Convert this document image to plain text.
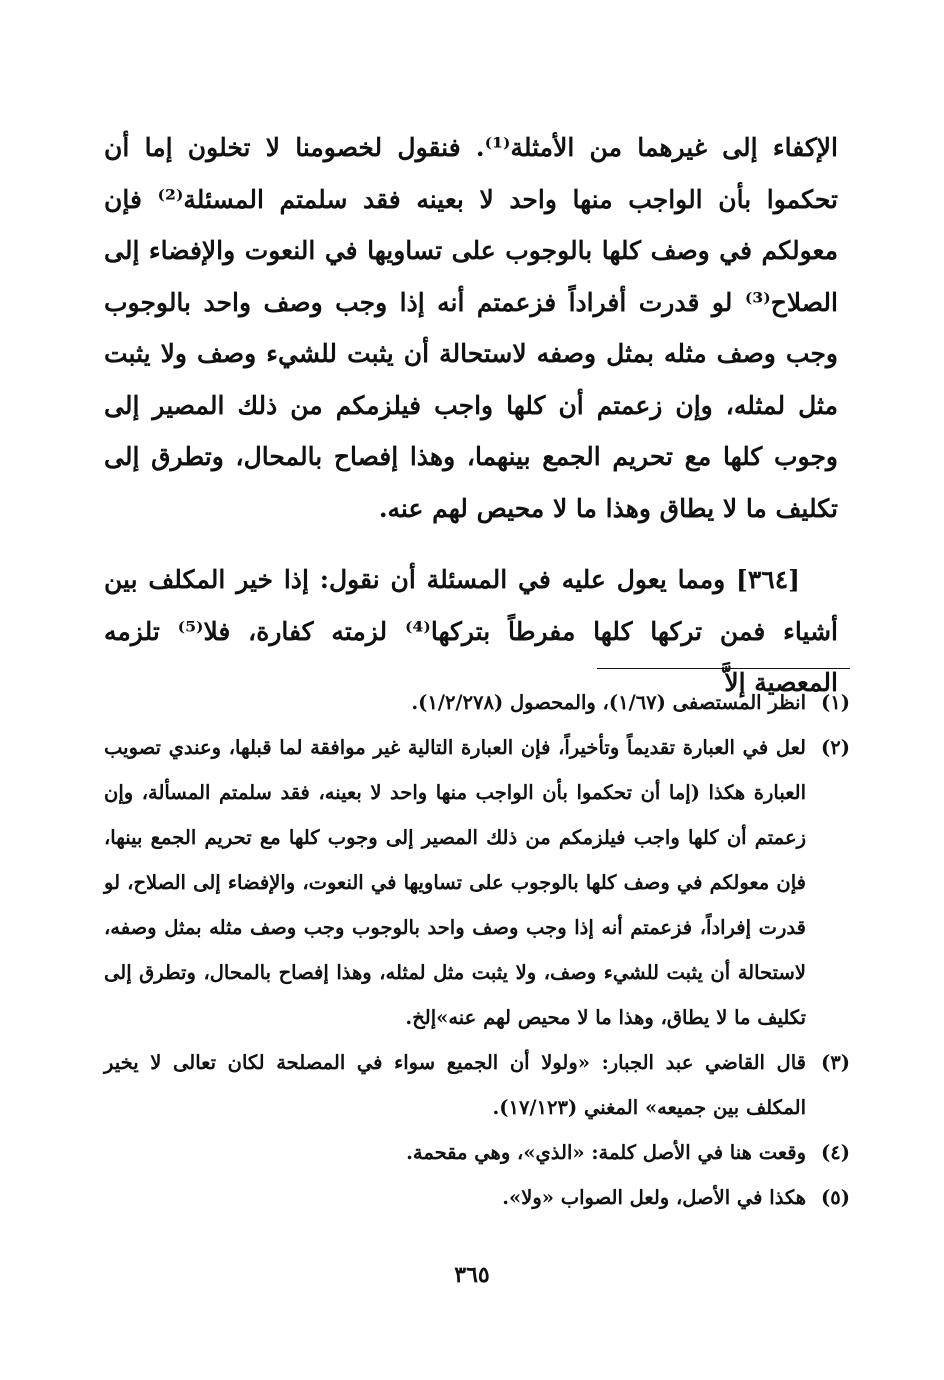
الإكفاء إلى غيرهما من الأمثلة⁽¹⁾. فنقول لخصومنا لا تخلون إما أن تحكموا بأن الواجب منها واحد لا بعينه فقد سلمتم المسئلة⁽²⁾ فإن معولكم في وصف كلها بالوجوب على تساويها في النعوت والإفضاء إلى الصلاح⁽³⁾ لو قدرت أفراداً فزعمتم أنه إذا وجب وصف واحد بالوجوب وجب وصف مثله بمثل وصفه لاستحالة أن يثبت للشيء وصف ولا يثبت مثل لمثله، وإن زعمتم أن كلها واجب فيلزمكم من ذلك المصير إلى وجوب كلها مع تحريم الجمع بينهما، وهذا إفصاح بالمحال، وتطرق إلى تكليف ما لا يطاق وهذا ما لا محيص لهم عنه.

[٣٦٤] ومما يعول عليه في المسئلة أن نقول: إذا خير المكلف بين أشياء فمن تركها كلها مفرطاً بتركها⁽⁴⁾ لزمته كفارة، فلا⁽⁵⁾ تلزمه المعصية إلاَّ

(١)
انظر المستصفى (١/٦٧)، والمحصول (١/٢/٢٧٨).
(٢)
لعل في العبارة تقديماً وتأخيراً، فإن العبارة التالية غير موافقة لما قبلها، وعندي تصويب العبارة هكذا (إما أن تحكموا بأن الواجب منها واحد لا بعينه، فقد سلمتم المسألة، وإن زعمتم أن كلها واجب فيلزمكم من ذلك المصير إلى وجوب كلها مع تحريم الجمع بينها، فإن معولكم في وصف كلها بالوجوب على تساويها في النعوت، والإفضاء إلى الصلاح، لو قدرت إفراداً، فزعمتم أنه إذا وجب وصف واحد بالوجوب وجب وصف مثله بمثل وصفه، لاستحالة أن يثبت للشيء وصف، ولا يثبت مثل لمثله، وهذا إفصاح بالمحال، وتطرق إلى تكليف ما لا يطاق، وهذا ما لا محيص لهم عنه»إلخ.
(٣)
قال القاضي عبد الجبار: «ولولا أن الجميع سواء في المصلحة لكان تعالى لا يخير المكلف بين جميعه» المغني (١٧/١٢٣).
(٤)
وقعت هنا في الأصل كلمة: «الذي»، وهي مقحمة.
(٥)
هكذا في الأصل، ولعل الصواب «ولا».
٣٦٥
